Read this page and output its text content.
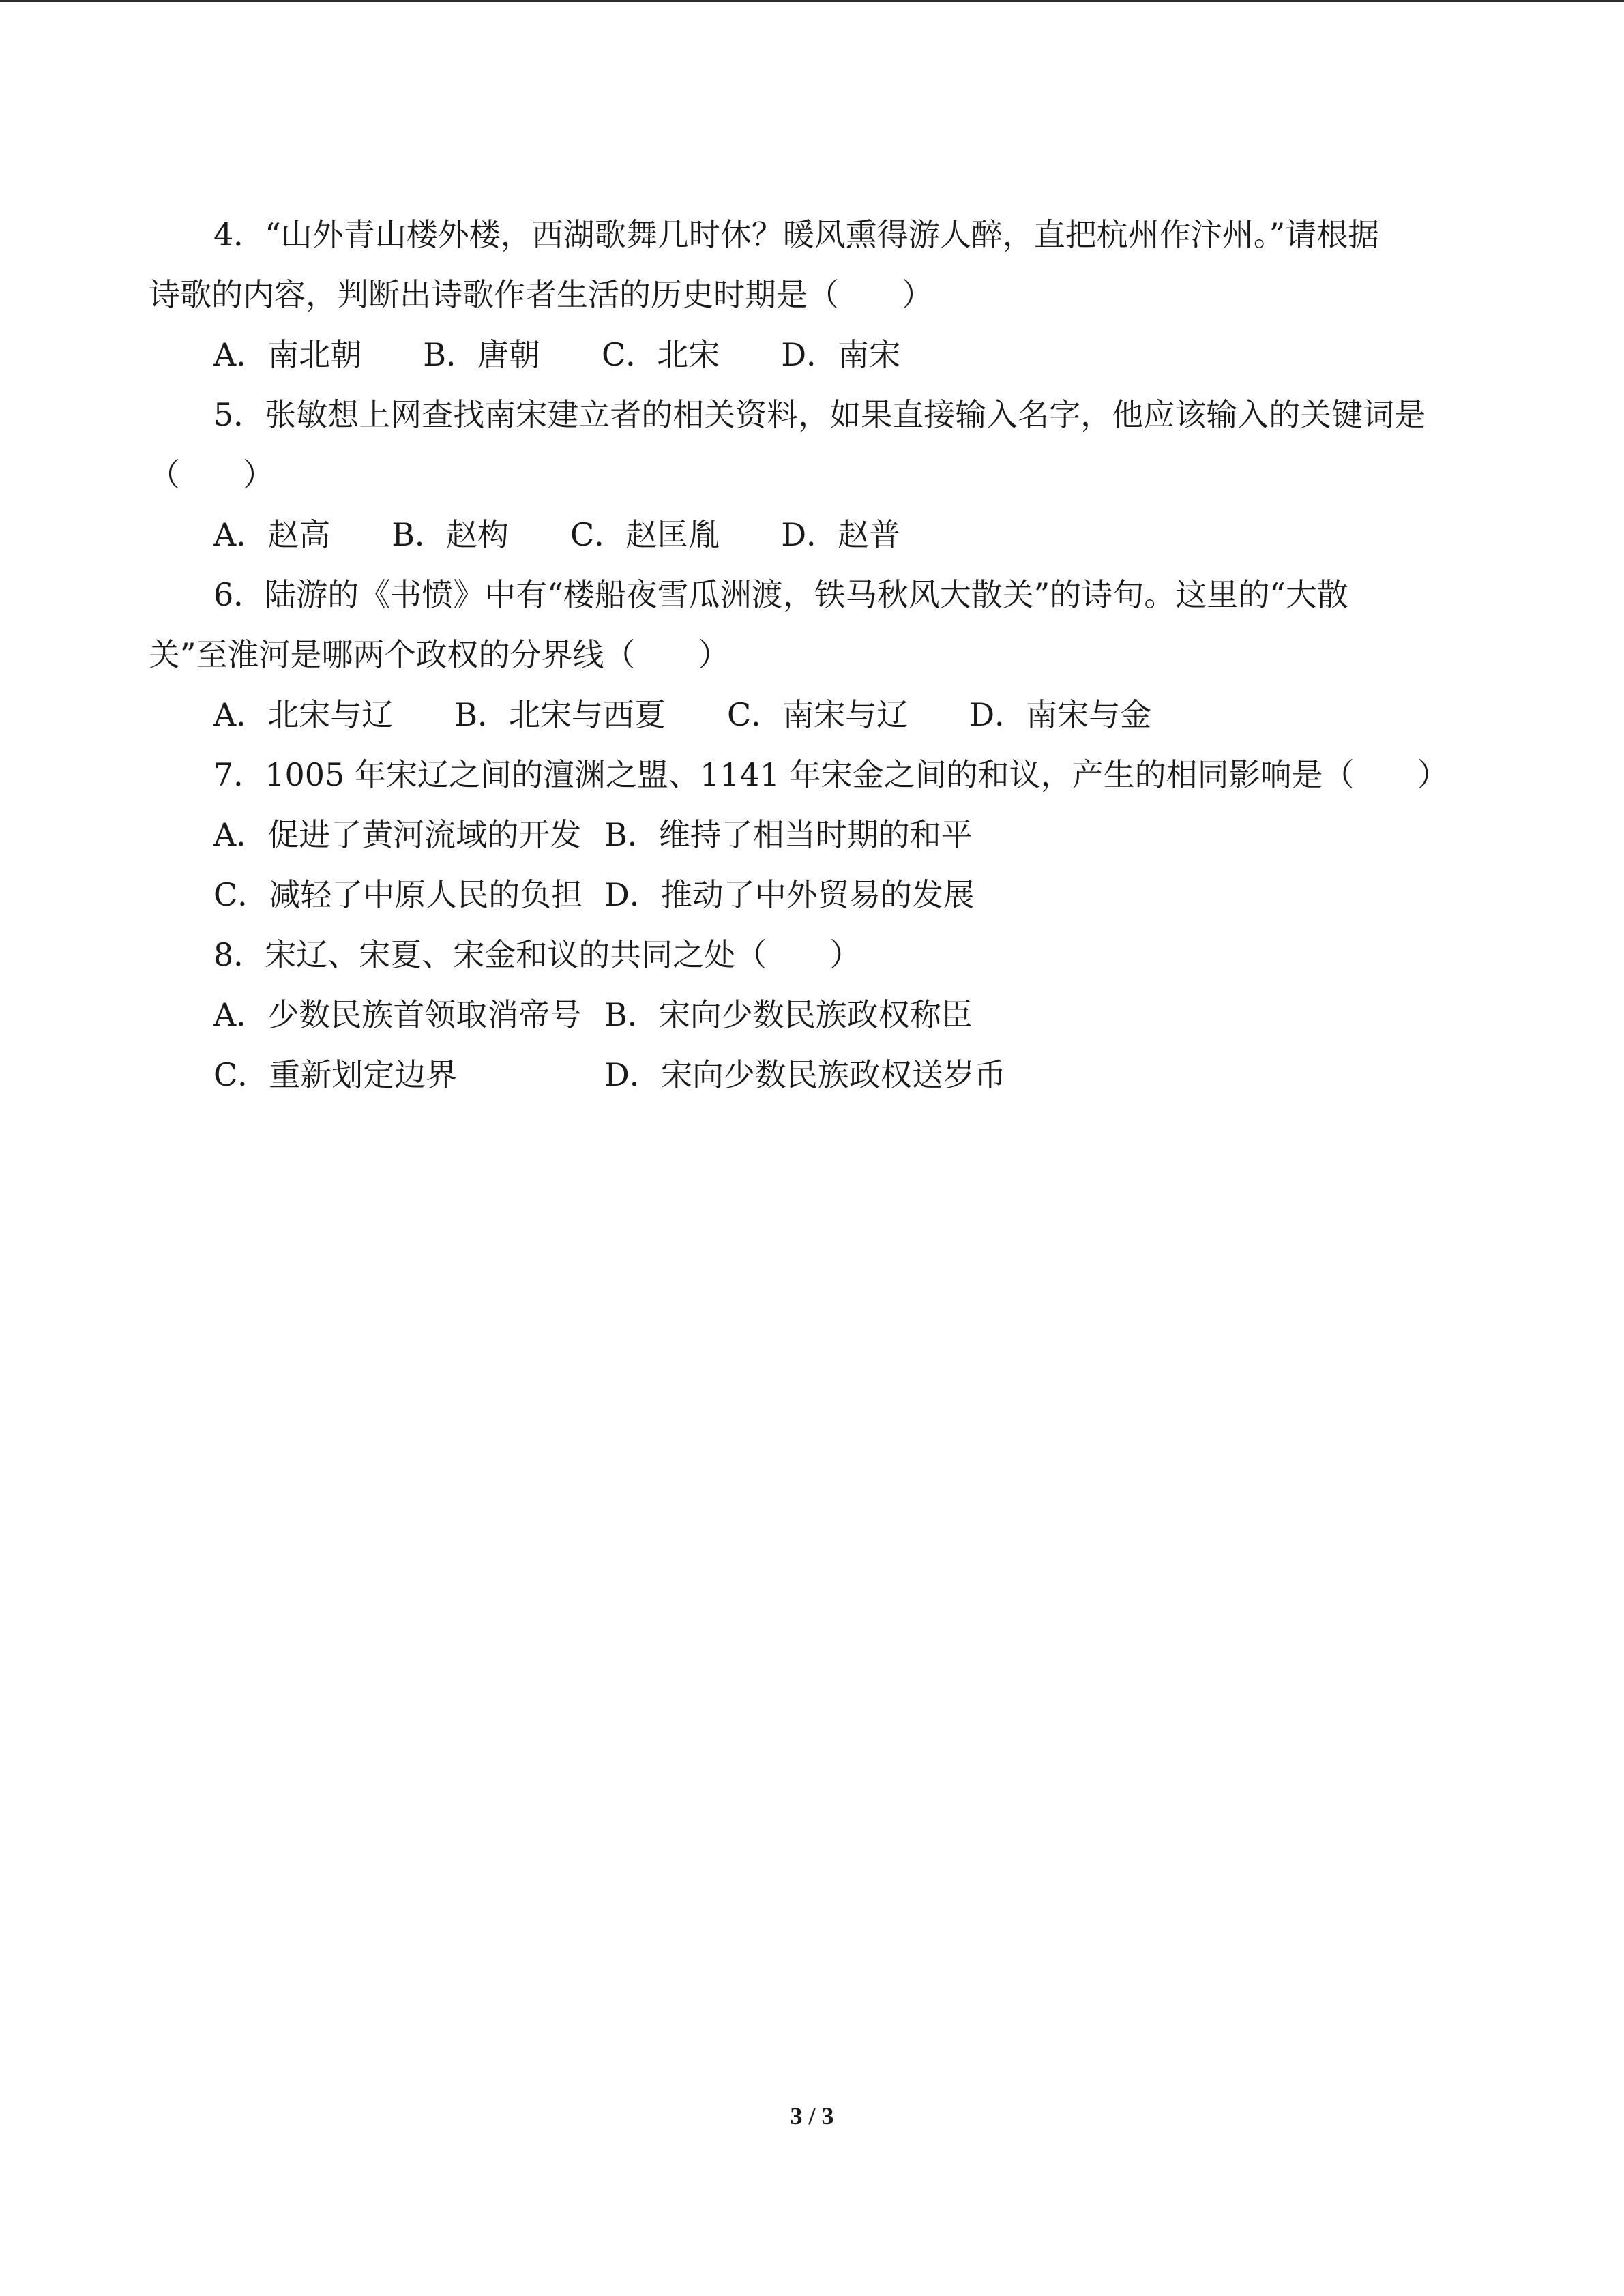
4．“山外青山楼外楼，西湖歌舞几时休？暖风熏得游人醉，直把杭州作汴州。”请根据
诗歌的内容，判断出诗歌作者生活的历史时期是（　　）
A．南北朝 B．唐朝 C．北宋 D．南宋
5．张敏想上网查找南宋建立者的相关资料，如果直接输入名字，他应该输入的关键词是
（　　）
A．赵高 B．赵构 C．赵匡胤 D．赵普
6．陆游的《书愤》中有“楼船夜雪瓜洲渡，铁马秋风大散关”的诗句。这里的“大散
关”至淮河是哪两个政权的分界线（　　）
A．北宋与辽 B．北宋与西夏 C．南宋与辽 D．南宋与金
7．1005 年宋辽之间的澶渊之盟、1141 年宋金之间的和议，产生的相同影响是（　　）
A．促进了黄河流域的开发 B．维持了相当时期的和平
C．减轻了中原人民的负担 D．推动了中外贸易的发展
8．宋辽、宋夏、宋金和议的共同之处（　　）
A．少数民族首领取消帝号 B．宋向少数民族政权称臣
C．重新划定边界	D．宋向少数民族政权送岁币
3 / 3
